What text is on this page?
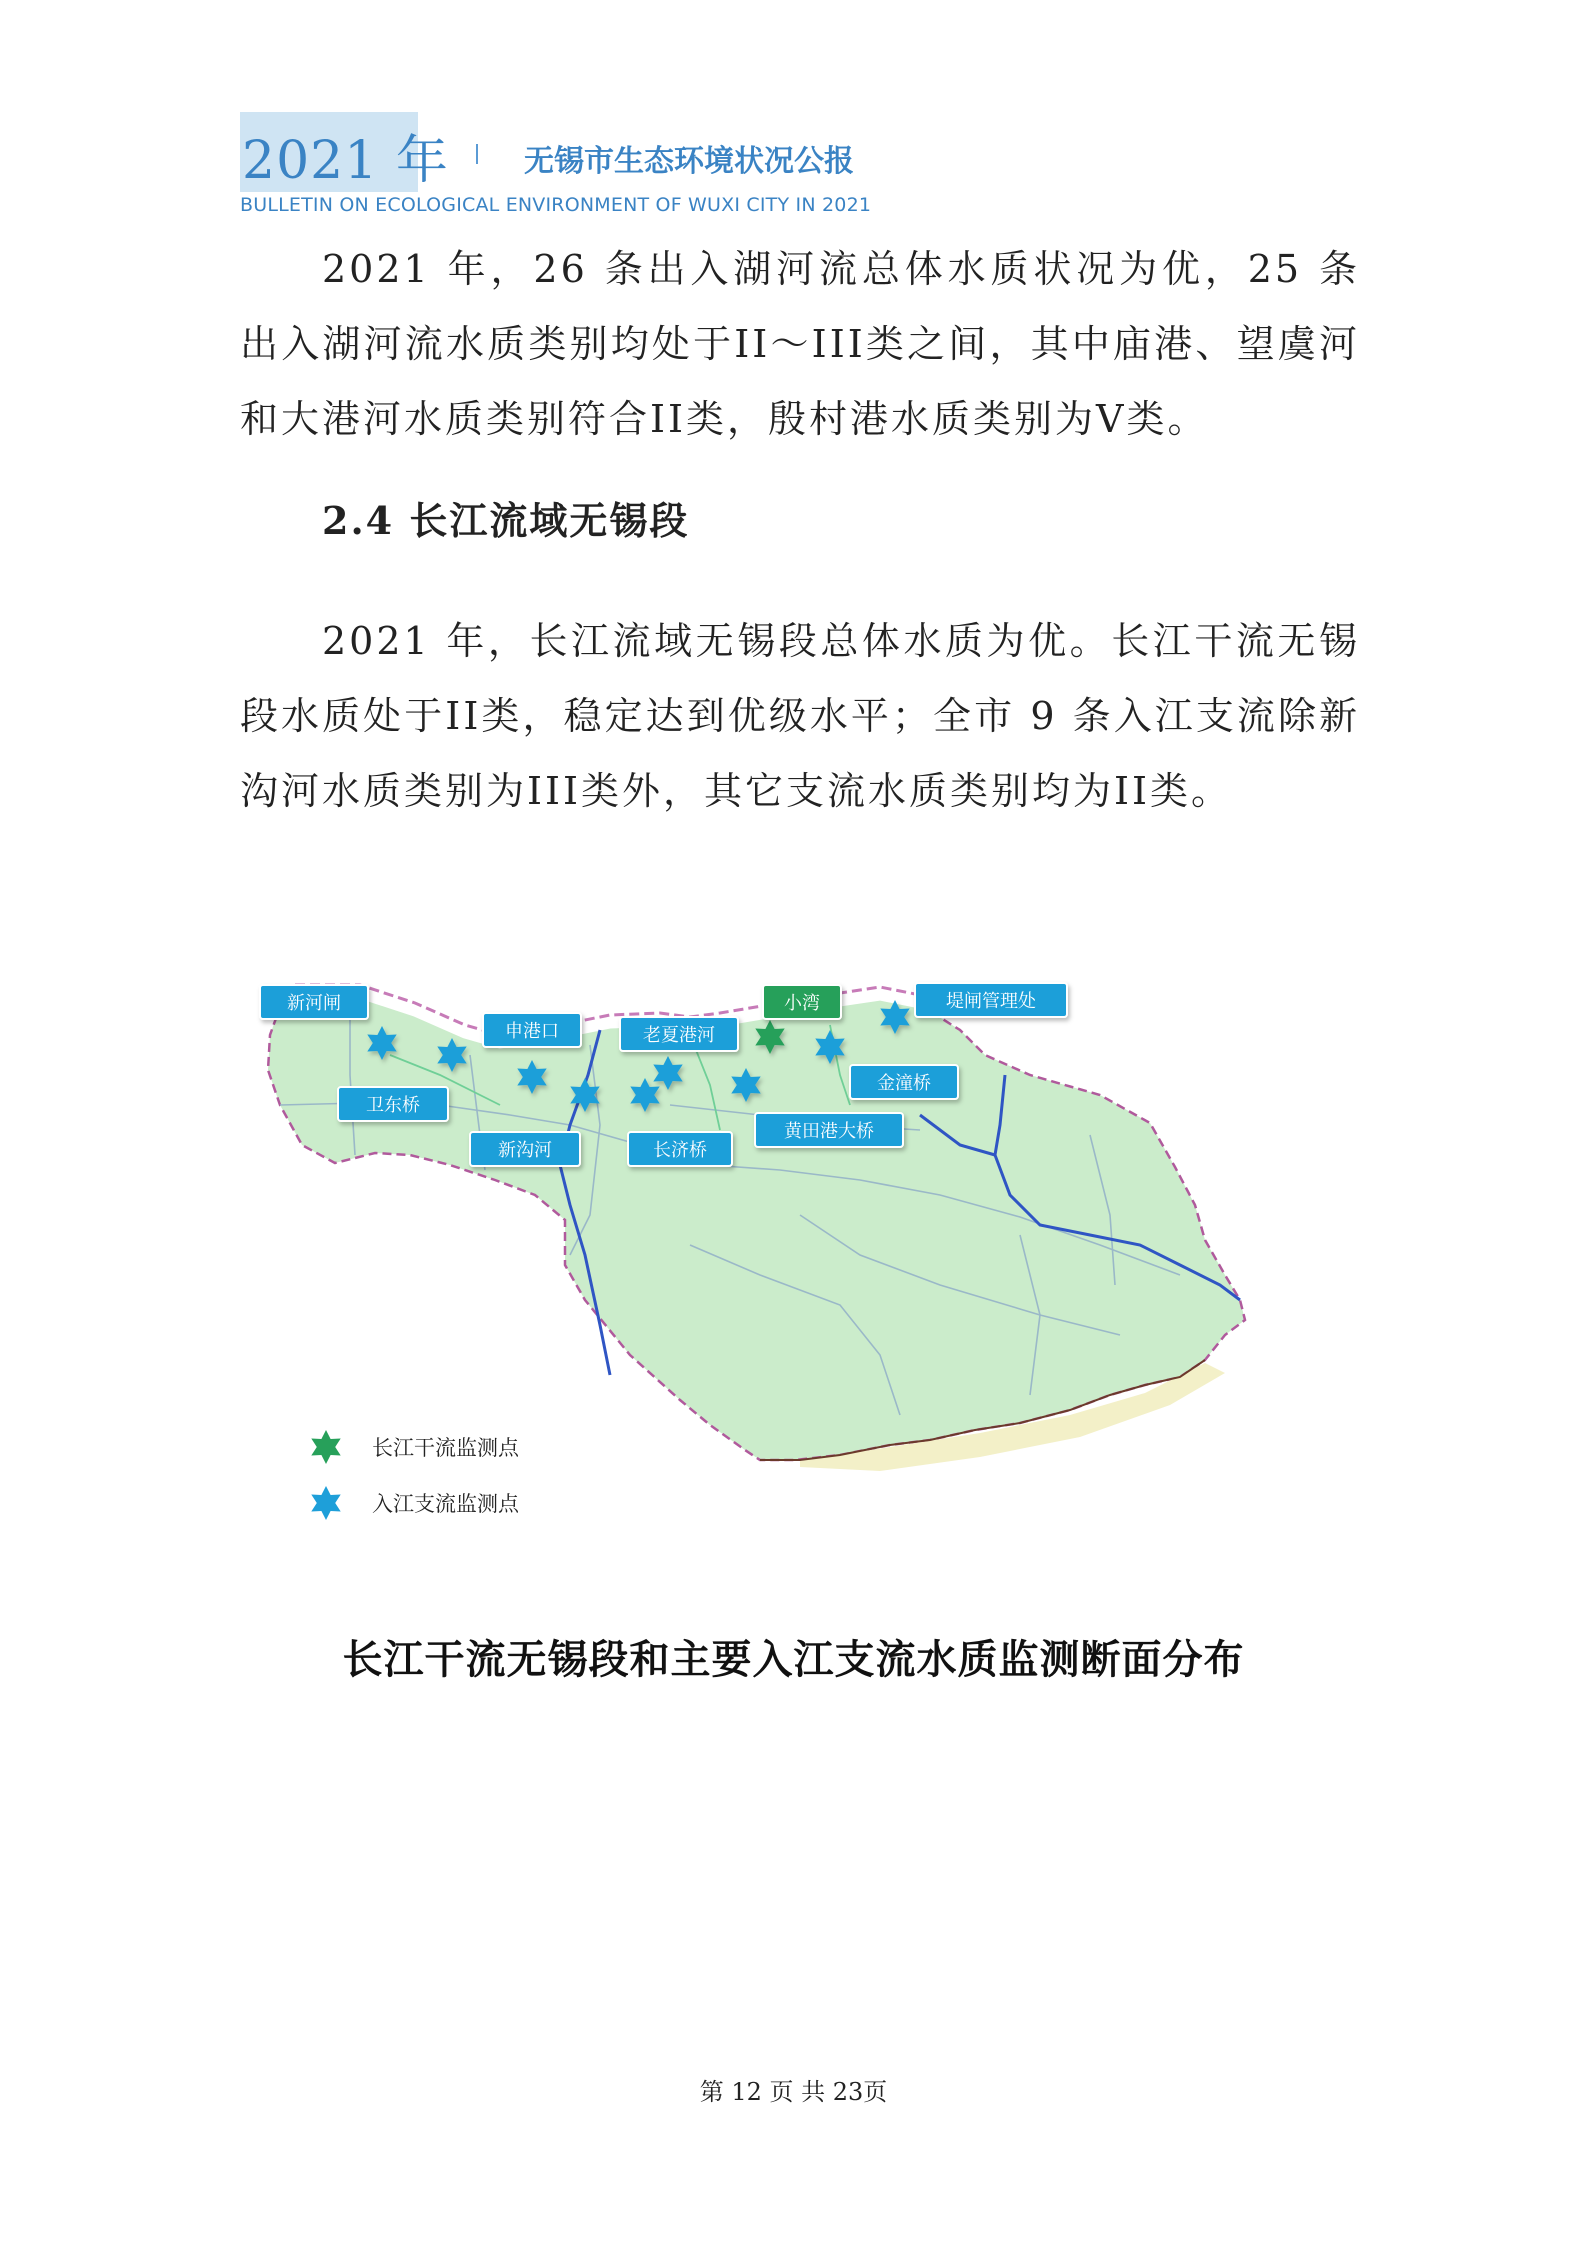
2021 年	无锡市生态环境状况公报
BULLETIN ON ECOLOGICAL ENVIRONMENT OF WUXI CITY IN 2021

2021 年，26 条出入湖河流总体水质状况为优，25 条出入湖河流水质类别均处于II～III类之间，其中庙港、望虞河和大港河水质类别符合II类，殷村港水质类别为V类。

2.4 长江流域无锡段

2021 年，长江流域无锡段总体水质为优。长江干流无锡段水质处于II类，稳定达到优级水平；全市 9 条入江支流除新沟河水质类别为III类外，其它支流水质类别均为II类。

新河闸
卫东桥
申港口
新沟河
老夏港河
长济桥
小湾
黄田港大桥
金潼桥
堤闸管理处
长江干流监测点
入江支流监测点
长江干流无锡段和主要入江支流水质监测断面分布
第 12 页 共 23页
